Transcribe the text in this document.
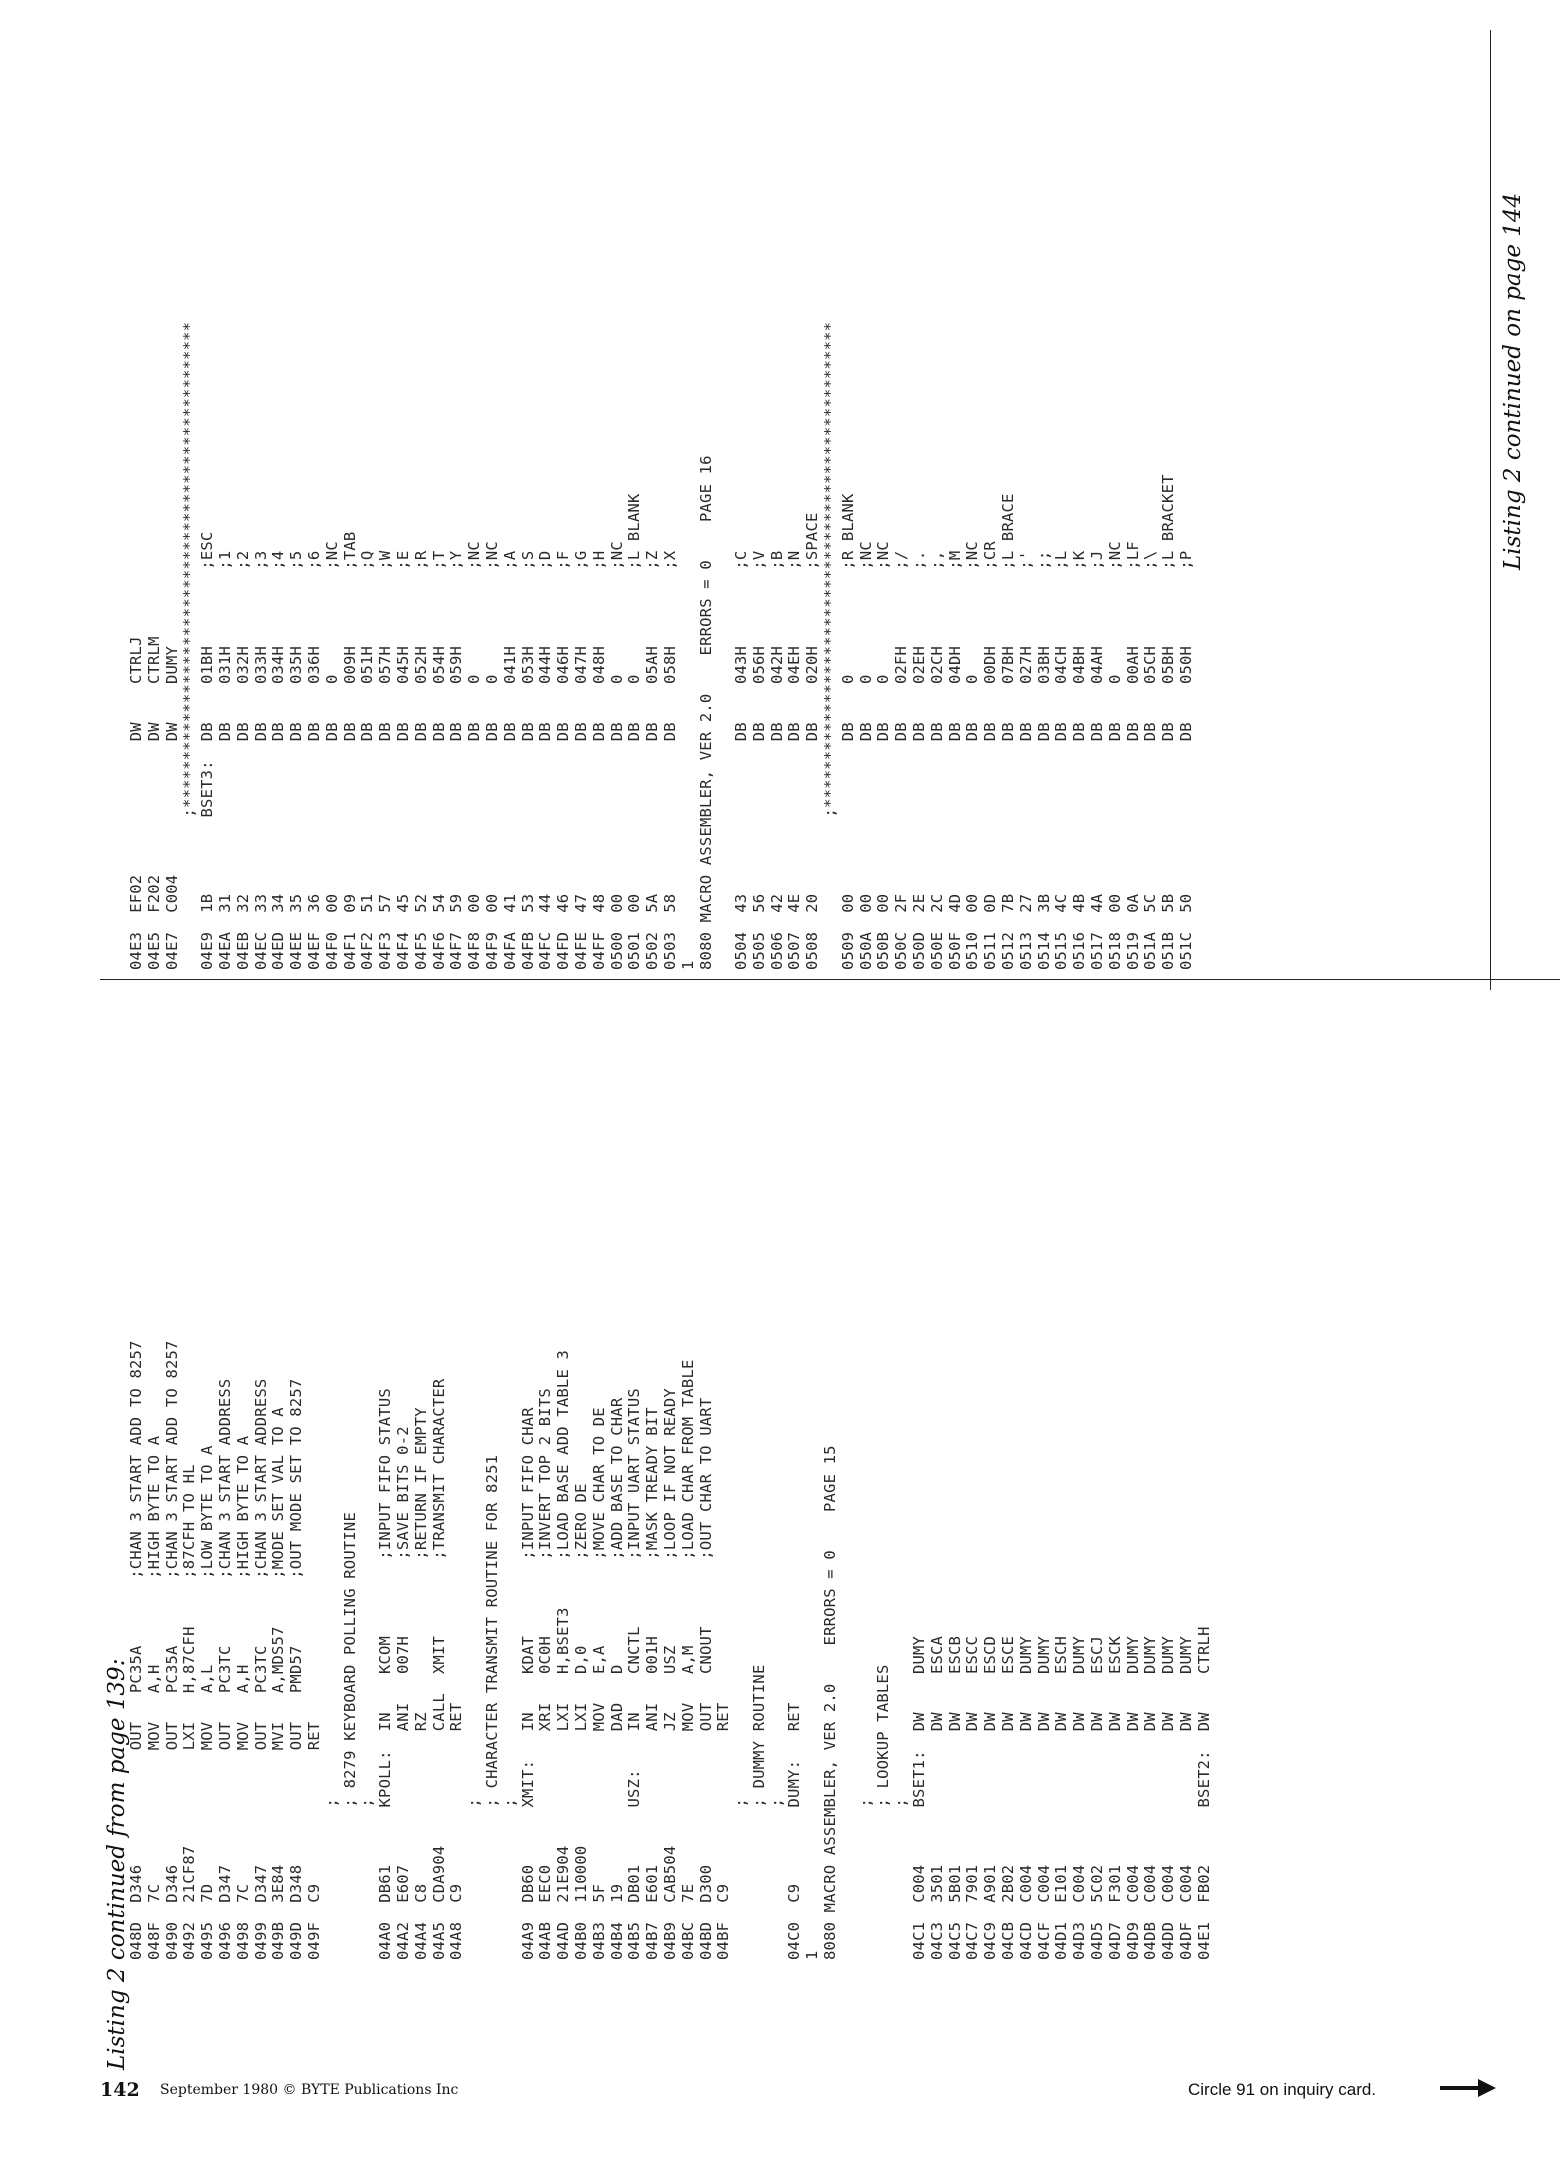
Listing 2 continued from page 139:
048D  D346            OUT   PC35A       ;CHAN 3 START ADD TO 8257 048F  7C              MOV   A,H         ;HIGH BYTE TO A 0490  D346            OUT   PC35A       ;CHAN 3 START ADD TO 8257 0492  21CF87          LXI   H,87CFH     ;87CFH TO HL 0495  7D              MOV   A,L         ;LOW BYTE TO A 0496  D347            OUT   PC3TC       ;CHAN 3 START ADDRESS 0498  7C              MOV   A,H         ;HIGH BYTE TO A 0499  D347            OUT   PC3TC       ;CHAN 3 START ADDRESS 049B  3E84            MVI   A,MDS57     ;MODE SET VAL TO A 049D  D348            OUT   PMD57       ;OUT MODE SET TO 8257 049F  C9              RET ; ; 8279 KEYBOARD POLLING ROUTINE ; 04A0  DB61      KPOLL:  IN    KCOM        ;INPUT FIFO STATUS 04A2  E607              ANI   007H        ;SAVE BITS 0-2 04A4  C8                RZ                ;RETURN IF EMPTY 04A5  CDA904            CALL  XMIT        ;TRANSMIT CHARACTER 04A8  C9                RET ; ; CHARACTER TRANSMIT ROUTINE FOR 8251 ; 04A9  DB60      XMIT:   IN    KDAT        ;INPUT FIFO CHAR 04AB  EEC0              XRI   0C0H        ;INVERT TOP 2 BITS 04AD  21E904            LXI   H,BSET3     ;LOAD BASE ADD TABLE 3 04B0  110000            LXI   D,0         ;ZERO DE 04B3  5F                MOV   E,A         ;MOVE CHAR TO DE 04B4  19                DAD   D           ;ADD BASE TO CHAR 04B5  DB01      USZ:    IN    CNCTL       ;INPUT UART STATUS 04B7  E601              ANI   001H        ;MASK TREADY BIT 04B9  CAB504            JZ    USZ         ;LOOP IF NOT READY 04BC  7E                MOV   A,M         ;LOAD CHAR FROM TABLE 04BD  D300              OUT   CNOUT       ;OUT CHAR TO UART 04BF  C9                RET ; ; DUMMY ROUTINE ; 04C0  C9        DUMY:   RET 1 8080 MACRO ASSEMBLER, VER 2.0    ERRORS = 0    PAGE 15 ; ; LOOKUP TABLES ; 04C1  C004      BSET1:  DW    DUMY 04C3  3501              DW    ESCA 04C5  5B01              DW    ESCB 04C7  7901              DW    ESCC 04C9  A901              DW    ESCD 04CB  2B02              DW    ESCE 04CD  C004              DW    DUMY 04CF  C004              DW    DUMY 04D1  E101              DW    ESCH 04D3  C004              DW    DUMY 04D5  5C02              DW    ESCJ 04D7  F301              DW    ESCK 04D9  C004              DW    DUMY 04DB  C004              DW    DUMY 04DD  C004              DW    DUMY 04DF  C004              DW    DUMY 04E1  FB02      BSET2:  DW    CTRLH
04E3  EF02              DW    CTRLJ 04E5  F202              DW    CTRLM 04E7  C004              DW    DUMY ;*************************************************** 04E9  1B        BSET3:  DB    01BH        ;ESC 04EA  31                DB    031H        ;1 04EB  32                DB    032H        ;2 04EC  33                DB    033H        ;3 04ED  34                DB    034H        ;4 04EE  35                DB    035H        ;5 04EF  36                DB    036H        ;6 04F0  00                DB    0           ;NC 04F1  09                DB    009H        ;TAB 04F2  51                DB    051H        ;Q 04F3  57                DB    057H        ;W 04F4  45                DB    045H        ;E 04F5  52                DB    052H        ;R 04F6  54                DB    054H        ;T 04F7  59                DB    059H        ;Y 04F8  00                DB    0           ;NC 04F9  00                DB    0           ;NC 04FA  41                DB    041H        ;A 04FB  53                DB    053H        ;S 04FC  44                DB    044H        ;D 04FD  46                DB    046H        ;F 04FE  47                DB    047H        ;G 04FF  48                DB    048H        ;H 0500  00                DB    0           ;NC 0501  00                DB    0           ;L BLANK 0502  5A                DB    05AH        ;Z 0503  58                DB    058H        ;X 1 8080 MACRO ASSEMBLER, VER 2.0    ERRORS = 0    PAGE 16 0504  43                DB    043H        ;C 0505  56                DB    056H        ;V 0506  42                DB    042H        ;B 0507  4E                DB    04EH        ;N 0508  20                DB    020H        ;SPACE ;*************************************************** 0509  00                DB    0           ;R BLANK 050A  00                DB    0           ;NC 050B  00                DB    0           ;NC 050C  2F                DB    02FH        ;/ 050D  2E                DB    02EH        ;. 050E  2C                DB    02CH        ;, 050F  4D                DB    04DH        ;M 0510  00                DB    0           ;NC 0511  0D                DB    00DH        ;CR 0512  7B                DB    07BH        ;L BRACE 0513  27                DB    027H        ;' 0514  3B                DB    03BH        ;; 0515  4C                DB    04CH        ;L 0516  4B                DB    04BH        ;K 0517  4A                DB    04AH        ;J 0518  00                DB    0           ;NC 0519  0A                DB    00AH        ;LF 051A  5C                DB    05CH        ;\ 051B  5B                DB    05BH        ;L BRACKET 051C  50                DB    050H        ;P
Listing 2 continued on page 144
142 September 1980 © BYTE Publications Inc	Circle 91 on inquiry card.
